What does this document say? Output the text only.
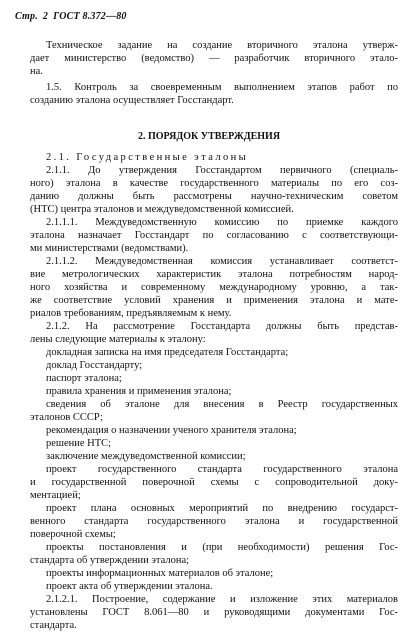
Стр. 2 ГОСТ 8.372—80
Техническое задание на создание вторичного эталона утверж-
дает министерство (ведомство) — разработчик вторичного этало-
на.
1.5. Контроль за своевременным выполнением этапов работ по
созданию эталона осуществляет Госстандарт.
2. ПОРЯДОК УТВЕРЖДЕНИЯ
2.1. Государственные эталоны
2.1.1. До утверждения Госстандартом первичного (специаль-
ного) эталона в качестве государственного материалы по его соз-
данию должны быть рассмотрены научно-техническим советом
(НТС) центра эталонов и междуведомственной комиссией.
2.1.1.1. Междуведомственную комиссию по приемке каждого
эталона назначает Госстандарт по согласованию с соответствующи-
ми министерствами (ведомствами).
2.1.1.2. Междуведомственная комиссия устанавливает соответст-
вие метрологических характеристик эталона потребностям народ-
ного хозяйства и современному международному уровню, а так-
же соответствие условий хранения и применения эталона и мате-
риалов требованиям, предъявляемым к нему.
2.1.2. На рассмотрение Госстандарта должны быть представ-
лены следующие материалы к эталону:
докладная записка на имя председателя Госстандарта;
доклад Госстандарту;
паспорт эталона;
правила хранения и применения эталона;
сведения об эталоне для внесения в Реестр государственных
эталонов СССР;
рекомендация о назначении ученого хранителя эталона;
решение НТС;
заключение междуведомственной комиссии;
проект государственного стандарта государственного эталона
и государственной поверочной схемы с сопроводительной доку-
ментацией;
проект плана основных мероприятий по внедрению государст-
венного стандарта государственного эталона и государственной
поверочной схемы;
проекты постановления и (при необходимости) решения Гос-
стандарта об утверждении эталона;
проекты информационных материалов об эталоне;
проект акта об утверждении эталона.
2.1.2.1. Построение, содержание и изложение этих материалов
установлены ГОСТ 8.061—80 и руководящими документами Гос-
стандарта.
